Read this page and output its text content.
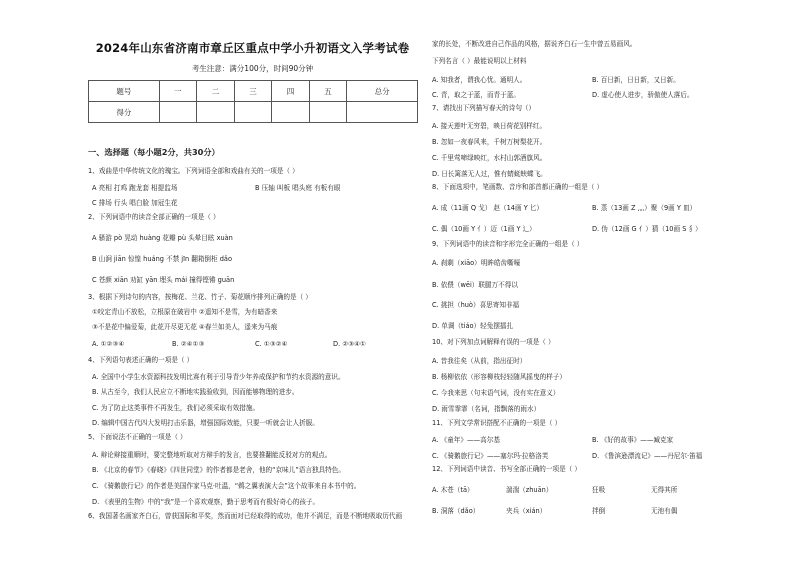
2024年山东省济南市章丘区重点中学小升初语文入学考试卷
考生注意：满分100分，时间90分钟
题号	一	二	三	四	五	总分
得分						
一、选择题（每小题2分，共30分）
1、戏曲是中华传统文化的瑰宝。下列词语全部和戏曲有关的一项是（ ）
A 亮相 打鸡 跑龙套 相提监场	B 压轴 叫板 唱头庭 有板有眼
C 排场 行头 唱白脸 加冠生花
2、下列词语中的读音全部正确的一项是（ ）
A 骚游 pò 晃动 huàng 花瓣 pù 头晕目眩 xuàn
B 山涧 jiān 惊惶 huáng 不禁 jīn 翻箱倒柜 dǎo
C 苍颜 xiān 劝缸 yān 埋头 mái 撞得铿锵 guān
3、根据下列诗句的内容，按梅花、兰花、竹子、菊花顺序排列正确的是（ ）
①咬定青山不放松，立根原在破岩中 ②遥知不是雪，为有暗香来
③不是花中偏爱菊，此花开尽更无花 ④春兰如美人，遥来为马痕
A. ①②③④	B. ②④①③	C. ①③②④	D. ②③④①
4、下列语句表述正确的一项是（ ）
A. 全国中小学生水资源科技发明比赛有利于引导青少年养成保护和节约水资源的意识。
B. 从古至今，我们人民应立不断地实践验收到，因而能够物理的进步。
C. 为了防止这类事件不再发生，我们必须采取有效措施。
D. 编辑中国古代四大发明打击乐器，增强国际效能，只要一听就会让人折服。
5、下面说法不正确的一项是（ ）
A. 辩论辩接重顺时，要完整地听取对方辩手的发言，也要推翻能反驳对方的观点。
B. 《北京的春节》《春晓》《四世同堂》的作者都是老舍，他的“京味儿”语言独具特色。
C. 《骑鹅旅行记》的作者是美国作家马克·吐温，“鹈之翼表演大会”这个故事来自本书中的。
D. 《表里的生物》中的“我”是一个喜欢观察，勤于思考而有极好奇心的孩子。
6、我国著名画家齐白石，曾获国际和平奖，然而面对已经取得的成功，他并不满足，而是不断地吸取历代画
家的长处，不断改进自己作品的风格，据说齐白石一生中曾五易画风。
下列名言（ ）最能说明以上材料
A. 知我者，谓我心忧。通明人。	B. 百日新，日日新，又日新。
C. 青，取之于蓝，而青于蓝。	D. 虚心使人进步，骄傲使人落后。
7、请找出下列描写春天的诗句（）
A. 接天莲叶无穷碧，映日荷花别样红。
B. 忽如一夜春风来，千树万树梨花开。
C. 千里莺啼绿映红，水村山郭酒旗风。
D. 日长篱落无人过，惟有蜻蜓蛱蝶飞。
8、下面选项中，笔画数、音序和部首都正确的一组是（ ）
A. 成（11画 Q 戈） 赵（14画 Y 匕）	B. 蒸（13画 Z 灬）聚（9画 Y 皿）
C. 偶（10画 Y 亻）迈（1画 Y 辶）	D. 伪（12画 G 亻）猜（10画 S 犭）
9、下列词语中的读音和字形完全正确的一组是（ ）
A. 刹剩（xiāo）明眸皓齿嘶嚎
B. 依偎（wēi）联腿万不得以
C. 挑担（huò）喜思寄知非福
D. 单调（tiáo）轻兔摆擂扎
10、对下列加点词解释有误的一项是（ ）
A. 昔我往矣（从前，指出征时）
B. 杨柳依依（形容柳枝轻轻随风摇曳的样子）
C. 今我来思（句末语气词，没有实在意义）
D. 雨雪霏霏（名词，指飘落的雨水）
11、下列文学常识搭配不正确的一项是（ ）
A. 《童年》——高尔基	B. 《好的故事》——臧克家
C. 《骑鹅旅行记》——塞尔玛·拉格洛芙	D. 《鲁滨逊漂流记》——丹尼尔·笛福
12、下列词语中读音、书写全部正确的一项是（ ）
A. 木苍（tā）	湍湍（zhuān）	狂吸	无得其所
B. 洞落（dǎo）	夹兵（xián）	拌倒	无池有偶
